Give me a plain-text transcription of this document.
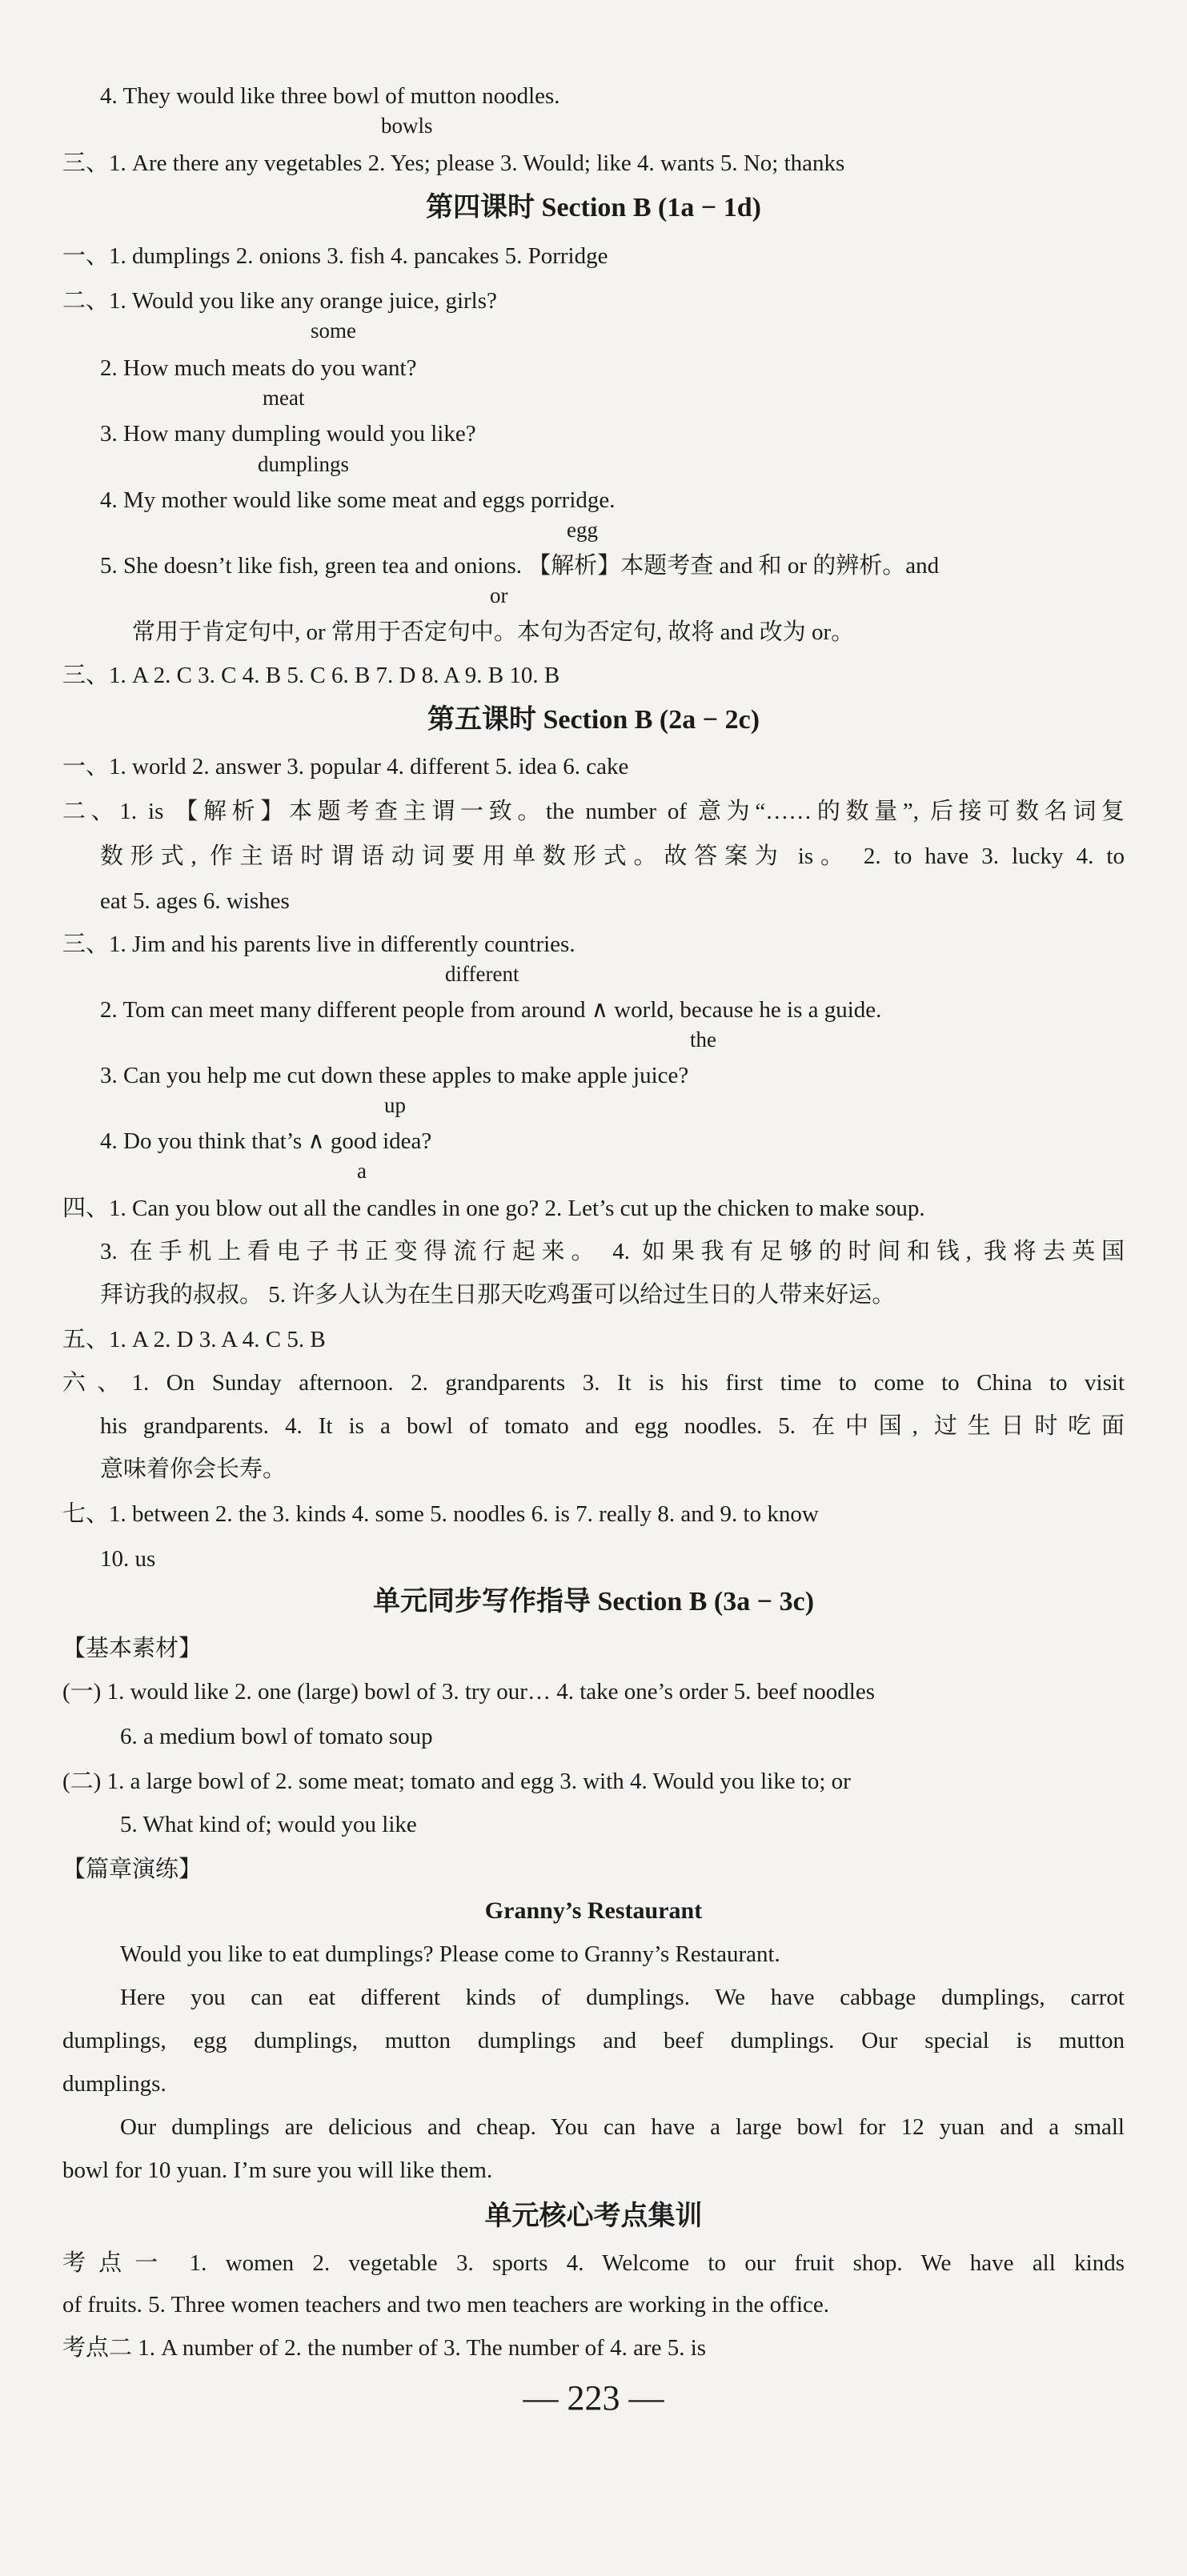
4. They would like three bowl of mutton noodles.
bowls
三、1. Are there any vegetables 2. Yes; please 3. Would; like 4. wants 5. No; thanks
第四课时 Section B (1a − 1d)
一、1. dumplings 2. onions 3. fish 4. pancakes 5. Porridge
二、1. Would you like any orange juice, girls?
some
2. How much meats do you want?
meat
3. How many dumpling would you like?
dumplings
4. My mother would like some meat and eggs porridge.
egg
5. She doesn’t like fish, green tea and onions. 【解析】本题考查 and 和 or 的辨析。and
or
常用于肯定句中, or 常用于否定句中。本句为否定句, 故将 and 改为 or。
三、1. A 2. C 3. C 4. B 5. C 6. B 7. D 8. A 9. B 10. B
第五课时 Section B (2a − 2c)
一、1. world 2. answer 3. popular 4. different 5. idea 6. cake
二、1. is 【解析】本题考查主谓一致。the number of 意为“……的数量”, 后接可数名词复
数形式, 作主语时谓语动词要用单数形式。故答案为 is。 2. to have 3. lucky 4. to
eat 5. ages 6. wishes
三、1. Jim and his parents live in differently countries.
different
2. Tom can meet many different people from around ∧ world, because he is a guide.
the
3. Can you help me cut down these apples to make apple juice?
up
4. Do you think that’s ∧ good idea?
a
四、1. Can you blow out all the candles in one go? 2. Let’s cut up the chicken to make soup.
3. 在手机上看电子书正变得流行起来。 4. 如果我有足够的时间和钱, 我将去英国
拜访我的叔叔。 5. 许多人认为在生日那天吃鸡蛋可以给过生日的人带来好运。
五、1. A 2. D 3. A 4. C 5. B
六、1. On Sunday afternoon. 2. grandparents 3. It is his first time to come to China to visit
his grandparents. 4. It is a bowl of tomato and egg noodles. 5. 在中国, 过生日时吃面
意味着你会长寿。
七、1. between 2. the 3. kinds 4. some 5. noodles 6. is 7. really 8. and 9. to know
10. us
单元同步写作指导 Section B (3a − 3c)
【基本素材】
(一) 1. would like 2. one (large) bowl of 3. try our… 4. take one’s order 5. beef noodles
6. a medium bowl of tomato soup
(二) 1. a large bowl of 2. some meat; tomato and egg 3. with 4. Would you like to; or
5. What kind of; would you like
【篇章演练】
Granny’s Restaurant
Would you like to eat dumplings? Please come to Granny’s Restaurant.
Here you can eat different kinds of dumplings. We have cabbage dumplings, carrot
dumplings, egg dumplings, mutton dumplings and beef dumplings. Our special is mutton
dumplings.
Our dumplings are delicious and cheap. You can have a large bowl for 12 yuan and a small
bowl for 10 yuan. I’m sure you will like them.
单元核心考点集训
考点一 1. women 2. vegetable 3. sports 4. Welcome to our fruit shop. We have all kinds
of fruits. 5. Three women teachers and two men teachers are working in the office.
考点二 1. A number of 2. the number of 3. The number of 4. are 5. is
— 223 —
